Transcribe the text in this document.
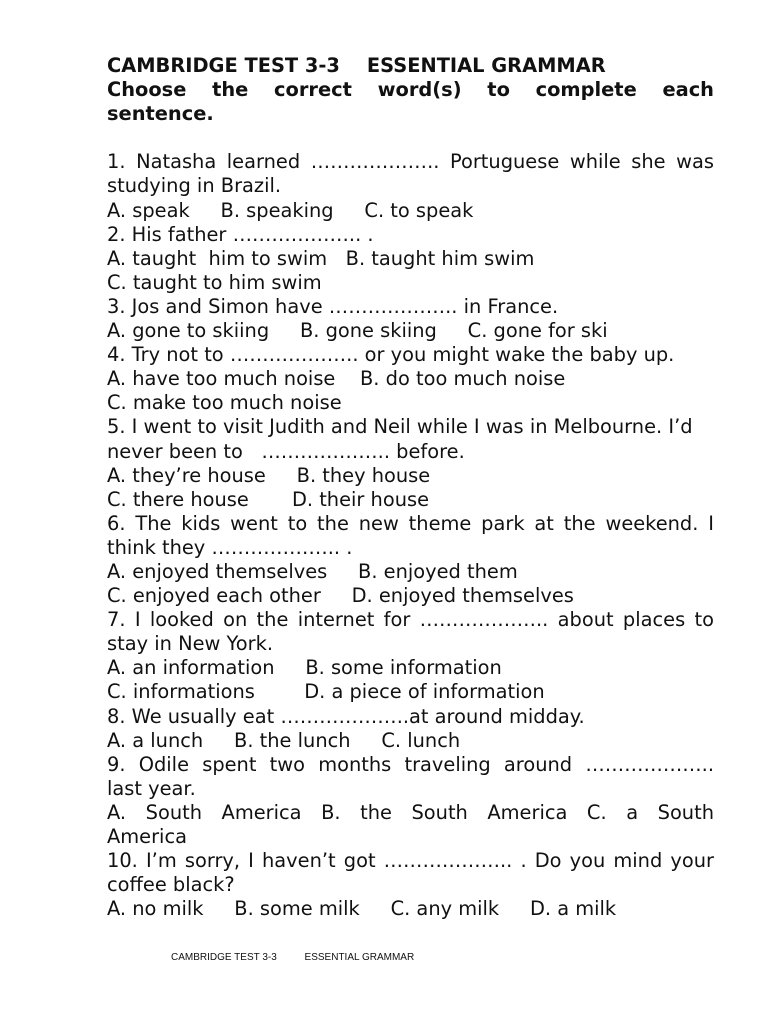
CAMBRIDGE TEST 3-3    ESSENTIAL GRAMMAR
Choose the correct word(s) to complete each
sentence.
1. Natasha learned ……………….. Portuguese while she was
studying in Brazil.
A. speak     B. speaking     C. to speak
2. His father ……………….. .
A. taught  him to swim   B. taught him swim
C. taught to him swim
3. Jos and Simon have ……………….. in France.
A. gone to skiing     B. gone skiing     C. gone for ski
4. Try not to ……………….. or you might wake the baby up.
A. have too much noise    B. do too much noise
C. make too much noise
5. I went to visit Judith and Neil while I was in Melbourne. I’d
never been to   ……………….. before.
A. they’re house     B. they house
C. there house       D. their house
6. The kids went to the new theme park at the weekend. I
think they ……………….. .
A. enjoyed themselves     B. enjoyed them
C. enjoyed each other     D. enjoyed themselves
7. I looked on the internet for ……………….. about places to
stay in New York.
A. an information     B. some information
C. informations        D. a piece of information
8. We usually eat ………………..at around midday.
A. a lunch     B. the lunch     C. lunch
9. Odile spent two months traveling around ………………..
last year.
A. South America B. the South America C. a South
America
10. I’m sorry, I haven’t got ……………….. . Do you mind your
coffee black?
A. no milk     B. some milk     C. any milk     D. a milk
CAMBRIDGE TEST 3-3          ESSENTIAL GRAMMAR
